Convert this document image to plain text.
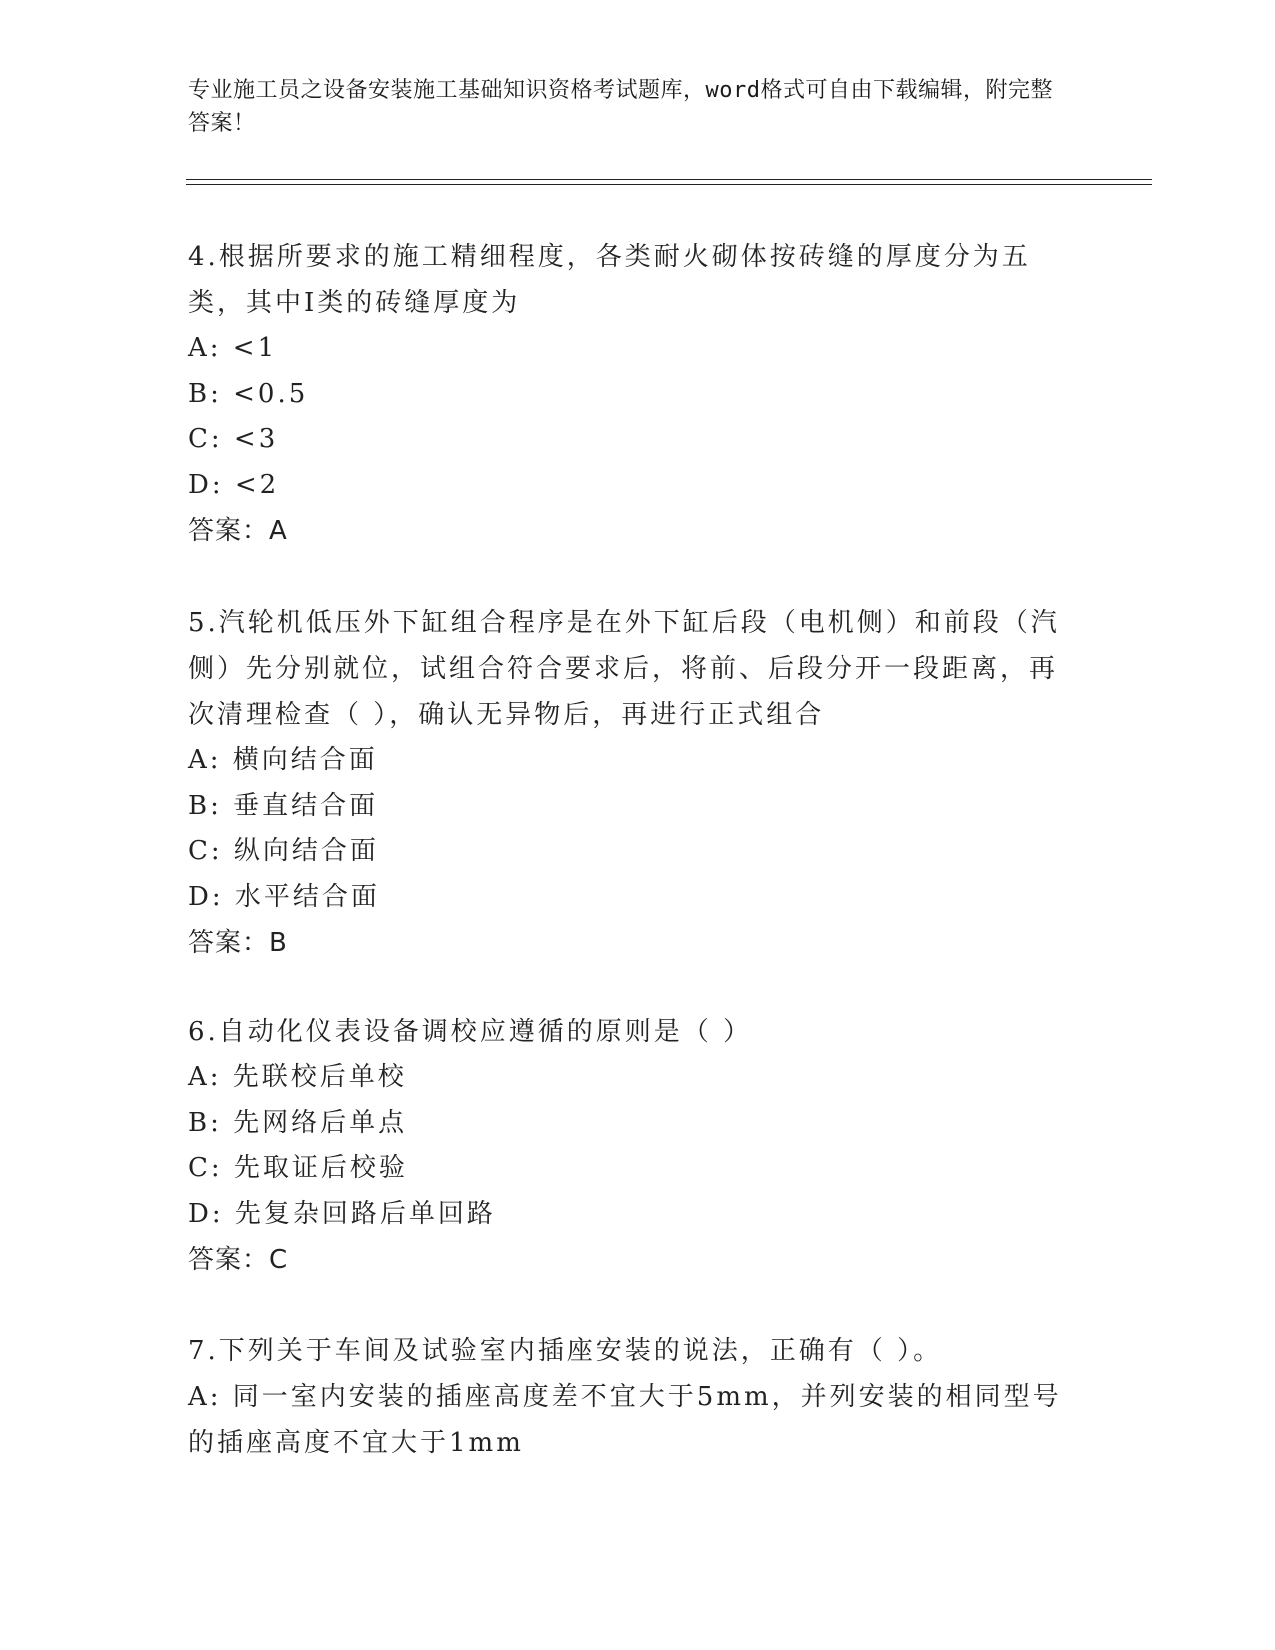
专业施工员之设备安装施工基础知识资格考试题库，word格式可自由下载编辑，附完整答案！
4.根据所要求的施工精细程度，各类耐火砌体按砖缝的厚度分为五类，其中Ⅰ类的砖缝厚度为
A: <1
B: <0.5
C: <3
D: <2
答案：A
5.汽轮机低压外下缸组合程序是在外下缸后段（电机侧）和前段（汽侧）先分别就位，试组合符合要求后，将前、后段分开一段距离，再次清理检查（ ），确认无异物后，再进行正式组合
A: 横向结合面
B: 垂直结合面
C: 纵向结合面
D: 水平结合面
答案：B
6.自动化仪表设备调校应遵循的原则是（ ）
A: 先联校后单校
B: 先网络后单点
C: 先取证后校验
D: 先复杂回路后单回路
答案：C
7.下列关于车间及试验室内插座安装的说法，正确有（ ）。
A: 同一室内安装的插座高度差不宜大于5mm，并列安装的相同型号的插座高度不宜大于1mm
